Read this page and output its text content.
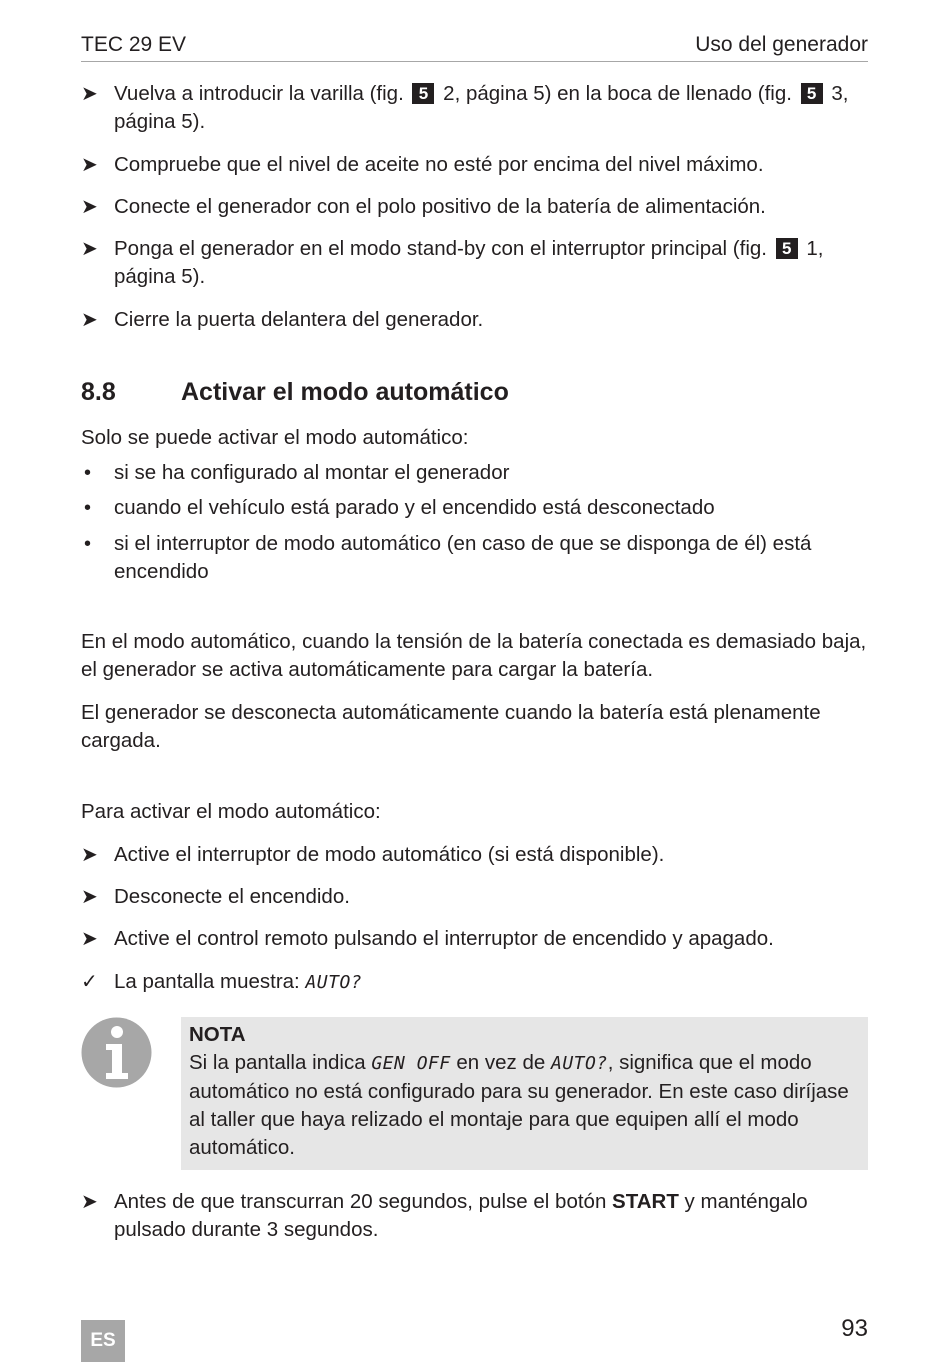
TEC 29 EV	Uso del generador
➤ Vuelva a introducir la varilla (fig. 5 2, página 5) en la boca de llenado (fig. 5 3, página 5).
➤ Compruebe que el nivel de aceite no esté por encima del nivel máximo.
➤ Conecte el generador con el polo positivo de la batería de alimentación.
➤ Ponga el generador en el modo stand-by con el interruptor principal (fig. 5 1, página 5).
➤ Cierre la puerta delantera del generador.
8.8	Activar el modo automático
Solo se puede activar el modo automático:
• si se ha configurado al montar el generador
• cuando el vehículo está parado y el encendido está desconectado
• si el interruptor de modo automático (en caso de que se disponga de él) está encendido
En el modo automático, cuando la tensión de la batería conectada es demasiado baja, el generador se activa automáticamente para cargar la batería.
El generador se desconecta automáticamente cuando la batería está plenamente cargada.
Para activar el modo automático:
➤ Active el interruptor de modo automático (si está disponible).
➤ Desconecte el encendido.
➤ Active el control remoto pulsando el interruptor de encendido y apagado.
✓ La pantalla muestra: AUTO?
NOTA
Si la pantalla indica GEN OFF en vez de AUTO?, significa que el modo automático no está configurado para su generador. En este caso diríjase al taller que haya relizado el montaje para que equipen allí el modo automático.
➤ Antes de que transcurran 20 segundos, pulse el botón START y manténgalo pulsado durante 3 segundos.
93
ES
